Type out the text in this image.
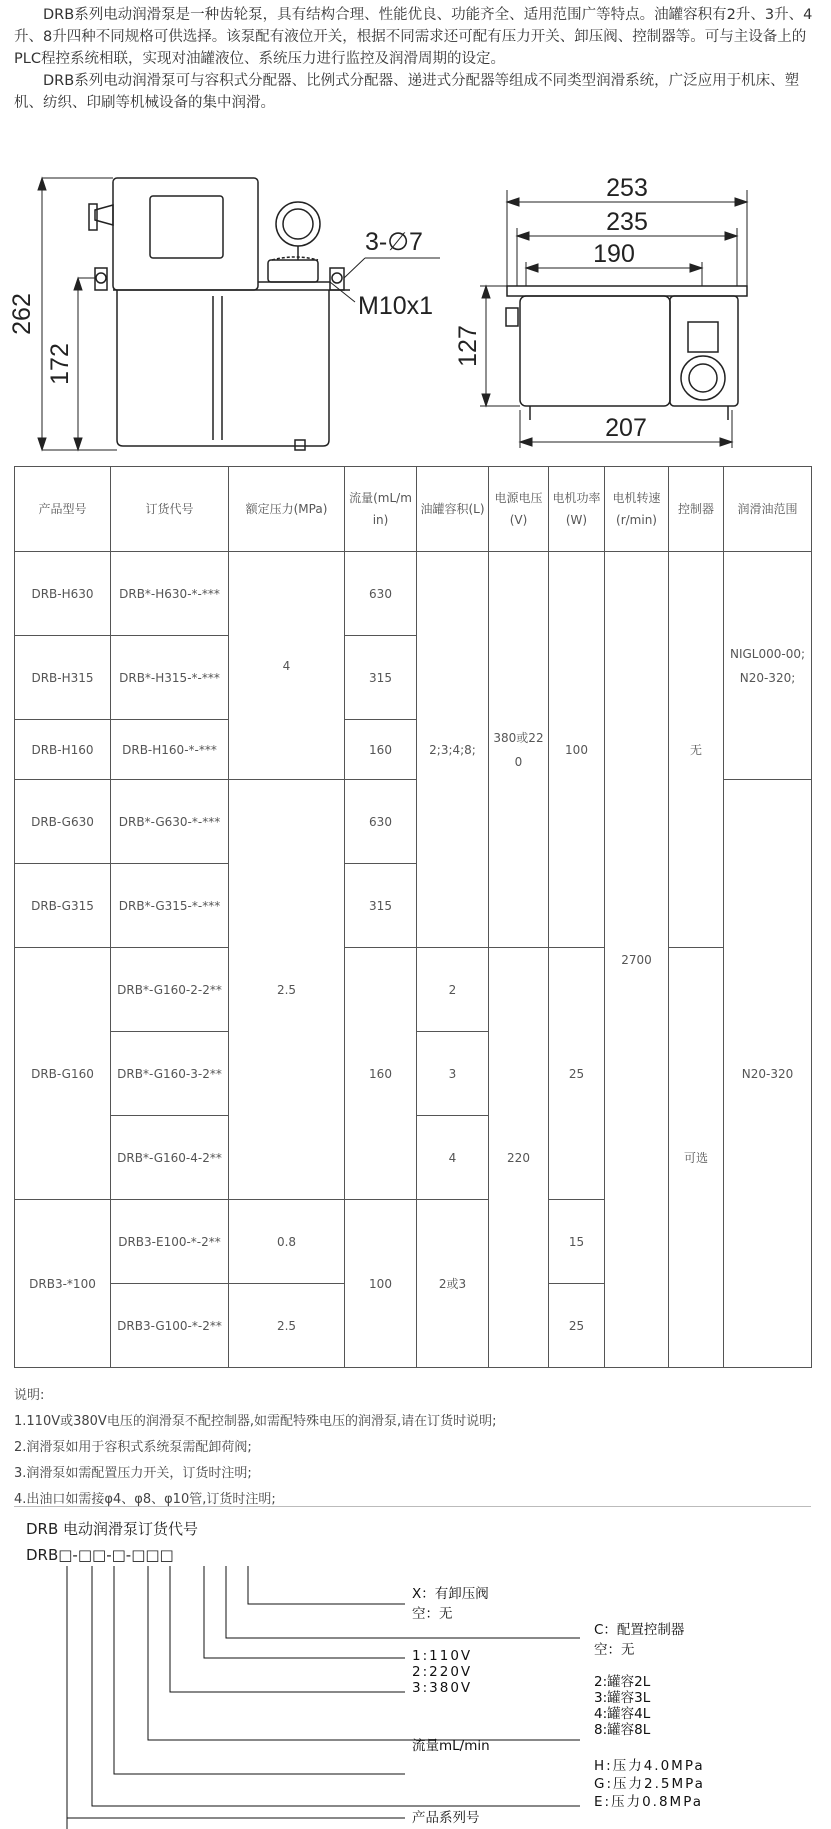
DRB系列电动润滑泵是一种齿轮泵，具有结构合理、性能优良、功能齐全、适用范围广等特点。油罐容积有2升、3升、4升、8升四种不同规格可供选择。该泵配有液位开关，根据不同需求还可配有压力开关、卸压阀、控制器等。可与主设备上的PLC程控系统相联，实现对油罐液位、系统压力进行监控及润滑周期的设定。

DRB系列电动润滑泵可与容积式分配器、比例式分配器、递进式分配器等组成不同类型润滑系统，广泛应用于机床、塑机、纺织、印刷等机械设备的集中润滑。

262
172
3-∅7
M10x1
253
235
190
127
207
产品型号	订货代号	额定压力(MPa)	流量(mL/min)	油罐容积(L)	电源电压(V)	电机功率(W)	电机转速(r/min)	控制器	润滑油范围
DRB-H630	DRB*-H630-*-***	4	630	2;3;4;8;	380或220	100	2700	无	NIGL000-00;N20-320;
DRB-H315	DRB*-H315-*-***		315						
DRB-H160	DRB-H160-*-***		160						
DRB-G630	DRB*-G630-*-***	2.5	630						N20-320
DRB-G315	DRB*-G315-*-***		315						
DRB-G160	DRB*-G160-2-2**		160	2	220	25		可选	
	DRB*-G160-3-2**			3					
	DRB*-G160-4-2**			4					
DRB3-*100	DRB3-E100-*-2**	0.8	100	2或3		15			
	DRB3-G100-*-2**	2.5				25			
说明:
1.110V或380V电压的润滑泵不配控制器,如需配特殊电压的润滑泵,请在订货时说明;
2.润滑泵如用于容积式系统泵需配卸荷阀;
3.润滑泵如需配置压力开关，订货时注明;
4.出油口如需接φ4、φ8、φ10管,订货时注明;
DRB 电动润滑泵订货代号
DRB□-□□-□-□□□
X：有卸压阀
空：无
C：配置控制器
空：无
1:110V
2:220V
3:380V	2:罐容2L
3:罐容3L
4:罐容4L
8:罐容8L
流量mL/min
H:压力4.0MPa
G:压力2.5MPa
E:压力0.8MPa
产品系列号
